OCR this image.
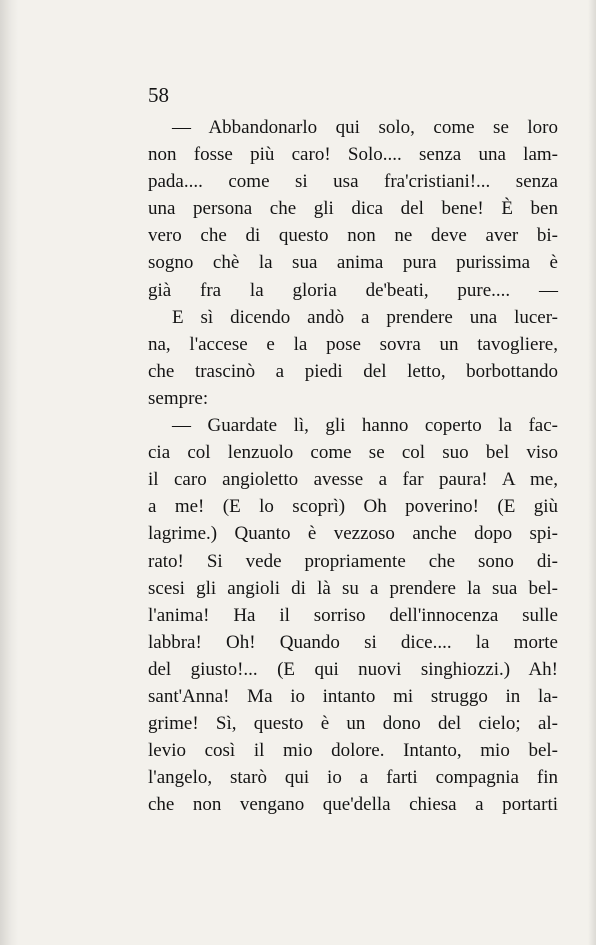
58
— Abbandonarlo qui solo, come se loro
non fosse più caro! Solo.... senza una lam-
pada.... come si usa fra'cristiani!... senza
una persona che gli dica del bene! È ben
vero che di questo non ne deve aver bi-
sogno chè la sua anima pura purissima è
già fra la gloria de'beati, pure.... —
E sì dicendo andò a prendere una lucer-
na, l'accese e la pose sovra un tavogliere,
che trascinò a piedi del letto, borbottando
sempre:
— Guardate lì, gli hanno coperto la fac-
cia col lenzuolo come se col suo bel viso
il caro angioletto avesse a far paura! A me,
a me! (E lo scoprì) Oh poverino! (E giù
lagrime.) Quanto è vezzoso anche dopo spi-
rato! Si vede propriamente che sono di-
scesi gli angioli di là su a prendere la sua bel-
l'anima! Ha il sorriso dell'innocenza sulle
labbra! Oh! Quando si dice.... la morte
del giusto!... (E qui nuovi singhiozzi.) Ah!
sant'Anna! Ma io intanto mi struggo in la-
grime! Sì, questo è un dono del cielo; al-
levio così il mio dolore. Intanto, mio bel-
l'angelo, starò qui io a farti compagnia fin
che non vengano que'della chiesa a portarti
